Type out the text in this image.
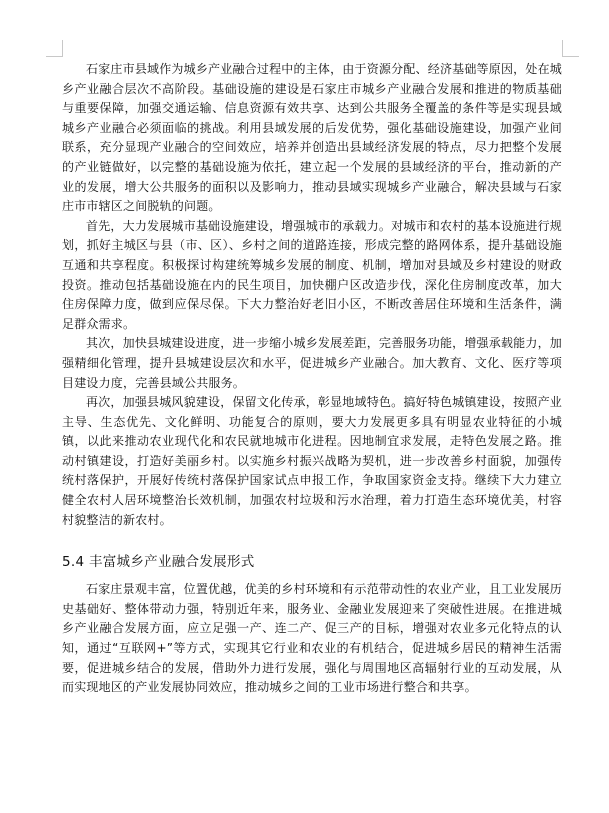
石家庄市县域作为城乡产业融合过程中的主体，由于资源分配、经济基础等原因，处在城乡产业融合层次不高阶段。基础设施的建设是石家庄市城乡产业融合发展和推进的物质基础与重要保障，加强交通运输、信息资源有效共享、达到公共服务全覆盖的条件等是实现县域城乡产业融合必须面临的挑战。利用县域发展的后发优势，强化基础设施建设，加强产业间联系，充分显现产业融合的空间效应，培养并创造出县域经济发展的特点，尽力把整个发展的产业链做好，以完整的基础设施为依托，建立起一个发展的县域经济的平台，推动新的产业的发展，增大公共服务的面积以及影响力，推动县域实现城乡产业融合，解决县域与石家庄市市辖区之间脱轨的问题。

首先，大力发展城市基础设施建设，增强城市的承载力。对城市和农村的基本设施进行规划，抓好主城区与县（市、区）、乡村之间的道路连接，形成完整的路网体系，提升基础设施互通和共享程度。积极探讨构建统筹城乡发展的制度、机制，增加对县域及乡村建设的财政投资。推动包括基础设施在内的民生项目，加快棚户区改造步伐，深化住房制度改革，加大住房保障力度，做到应保尽保。下大力整治好老旧小区，不断改善居住环境和生活条件，满足群众需求。

其次，加快县城建设进度，进一步缩小城乡发展差距，完善服务功能，增强承载能力，加强精细化管理，提升县城建设层次和水平，促进城乡产业融合。加大教育、文化、医疗等项目建设力度，完善县域公共服务。

再次，加强县城风貌建设，保留文化传承，彰显地域特色。搞好特色城镇建设，按照产业主导、生态优先、文化鲜明、功能复合的原则，要大力发展更多具有明显农业特征的小城镇，以此来推动农业现代化和农民就地城市化进程。因地制宜求发展，走特色发展之路。推动村镇建设，打造好美丽乡村。以实施乡村振兴战略为契机，进一步改善乡村面貌，加强传统村落保护，开展好传统村落保护国家试点申报工作，争取国家资金支持。继续下大力建立健全农村人居环境整治长效机制，加强农村垃圾和污水治理，着力打造生态环境优美，村容村貌整洁的新农村。

5.4 丰富城乡产业融合发展形式

石家庄景观丰富，位置优越，优美的乡村环境和有示范带动性的农业产业，且工业发展历史基础好、整体带动力强，特别近年来，服务业、金融业发展迎来了突破性进展。在推进城乡产业融合发展方面，应立足强一产、连二产、促三产的目标，增强对农业多元化特点的认知，通过“互联网+”等方式，实现其它行业和农业的有机结合，促进城乡居民的精神生活需要，促进城乡结合的发展，借助外力进行发展，强化与周围地区高辐射行业的互动发展，从而实现地区的产业发展协同效应，推动城乡之间的工业市场进行整合和共享。
